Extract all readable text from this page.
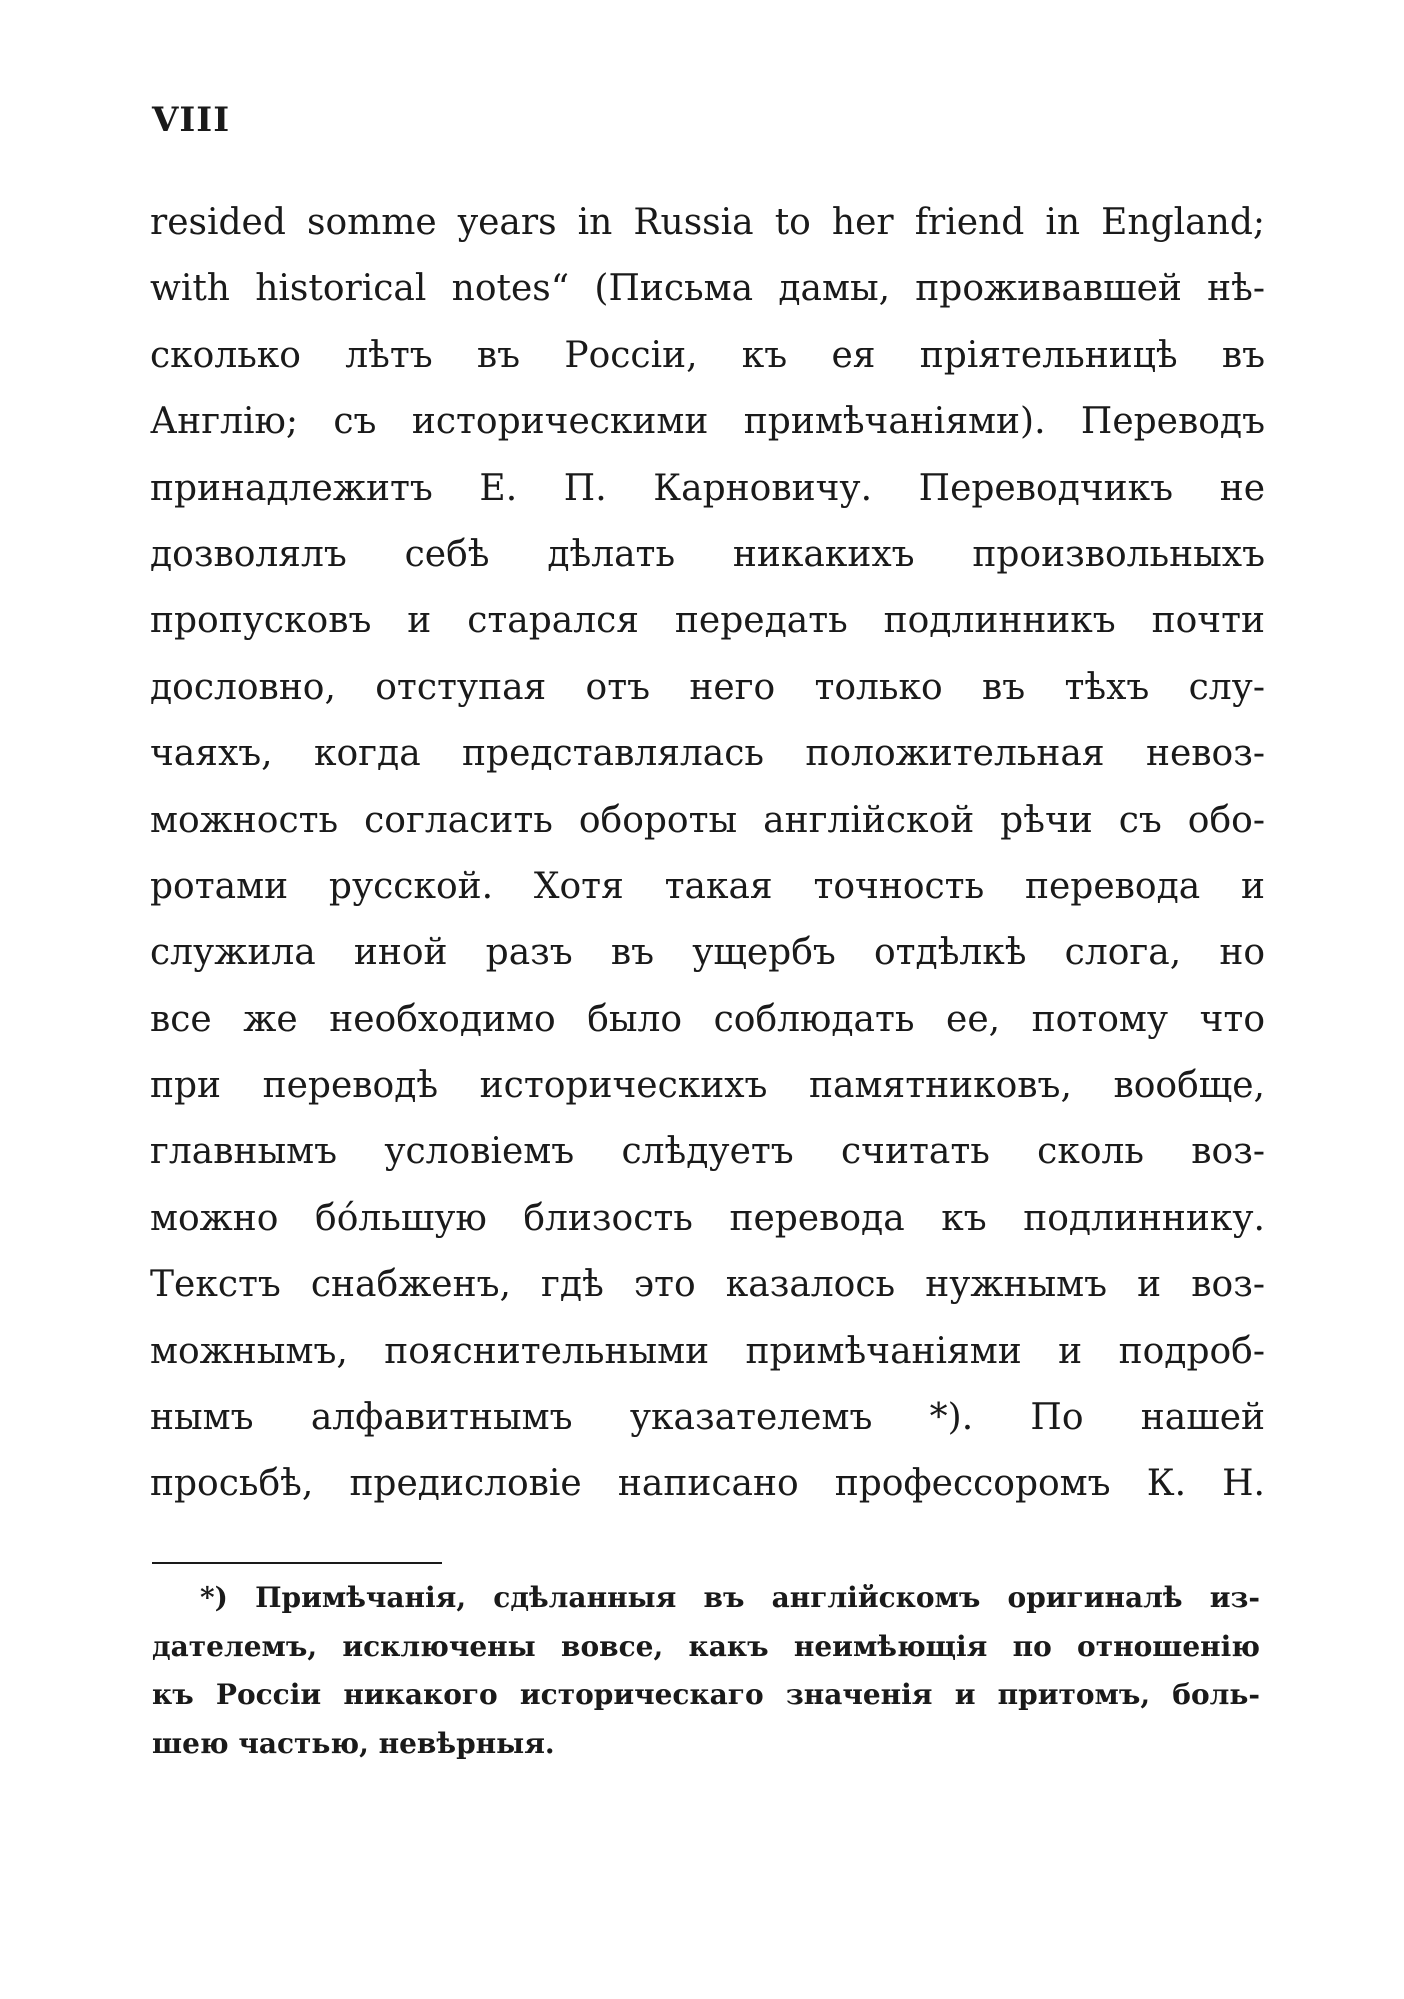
VIII
resided somme years in Russia to her friend in England;
with historical notes“ (Письма дамы, проживавшей нѣ-
сколько лѣтъ въ Россіи, къ ея пріятельницѣ въ
Англію; съ историческими примѣчаніями). Переводъ
принадлежитъ Е. П. Карновичу. Переводчикъ не
дозволялъ себѣ дѣлать никакихъ произвольныхъ
пропусковъ и старался передать подлинникъ почти
дословно, отступая отъ него только въ тѣхъ слу-
чаяхъ, когда представлялась положительная невоз-
можность согласить обороты англійской рѣчи съ обо-
ротами русской. Хотя такая точность перевода и
служила иной разъ въ ущербъ отдѣлкѣ слога, но
все же необходимо было соблюдать ее, потому что
при переводѣ историческихъ памятниковъ, вообще,
главнымъ условіемъ слѣдуетъ считать сколь воз-
можно бόльшую близость перевода къ подлиннику.
Текстъ снабженъ, гдѣ это казалось нужнымъ и воз-
можнымъ, пояснительными примѣчаніями и подроб-
нымъ алфавитнымъ указателемъ *). По нашей
просьбѣ, предисловіе написано профессоромъ К. Н.
*) Примѣчанія, сдѣланныя въ англійскомъ оригиналѣ из-
дателемъ, исключены вовсе, какъ неимѣющія по отношенію
къ Россіи никакого историческаго значенія и притомъ, боль-
шею частью, невѣрныя.
